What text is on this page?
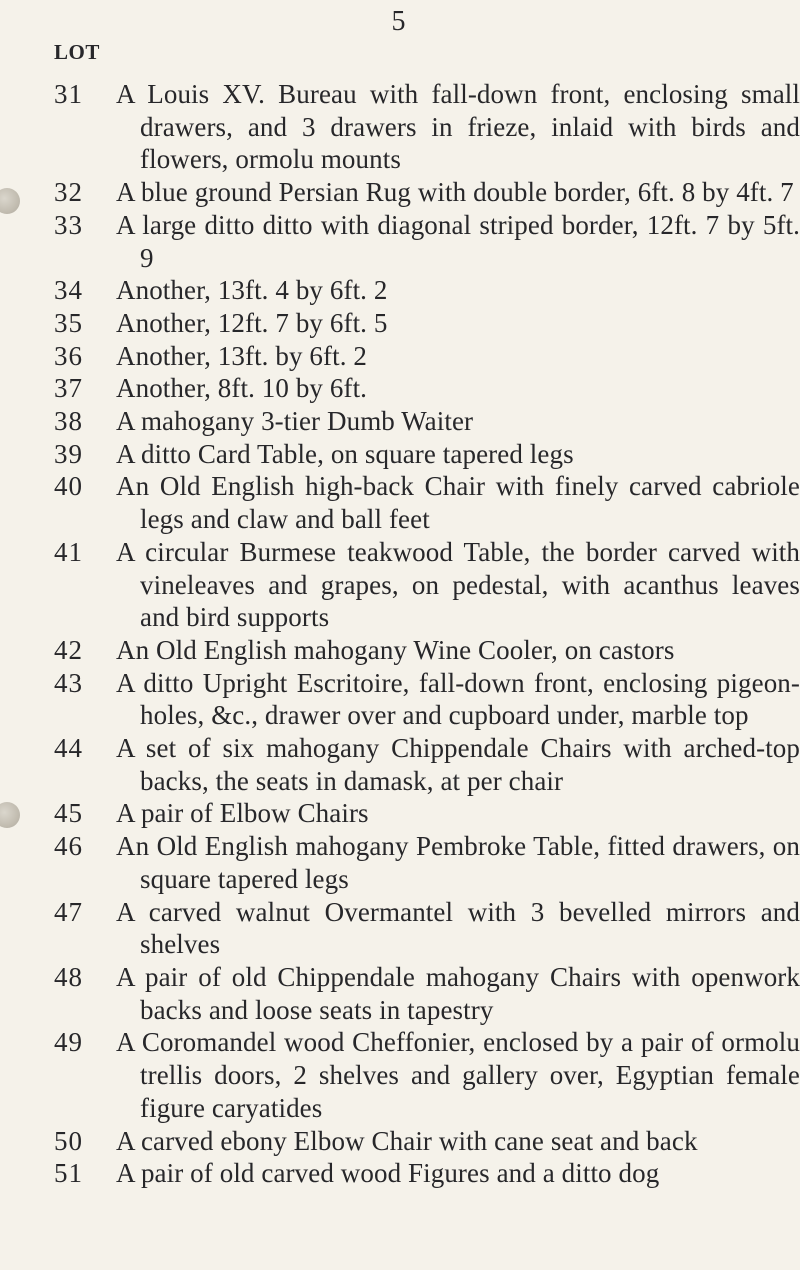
5
LOT
31	A Louis XV. Bureau with fall-down front, enclosing small drawers, and 3 drawers in frieze, inlaid with birds and flowers, ormolu mounts
32	A blue ground Persian Rug with double border, 6ft. 8 by 4ft. 7
33	A large ditto ditto with diagonal striped border, 12ft. 7 by 5ft. 9
34	Another, 13ft. 4 by 6ft. 2
35	Another, 12ft. 7 by 6ft. 5
36	Another, 13ft. by 6ft. 2
37	Another, 8ft. 10 by 6ft.
38	A mahogany 3-tier Dumb Waiter
39	A ditto Card Table, on square tapered legs
40	An Old English high-back Chair with finely carved cabriole legs and claw and ball feet
41	A circular Burmese teakwood Table, the border carved with vineleaves and grapes, on pedestal, with acanthus leaves and bird supports
42	An Old English mahogany Wine Cooler, on castors
43	A ditto Upright Escritoire, fall-down front, enclosing pigeon-holes, &c., drawer over and cupboard under, marble top
44	A set of six mahogany Chippendale Chairs with arched-top backs, the seats in damask, at per chair
45	A pair of Elbow Chairs
46	An Old English mahogany Pembroke Table, fitted drawers, on square tapered legs
47	A carved walnut Overmantel with 3 bevelled mirrors and shelves
48	A pair of old Chippendale mahogany Chairs with openwork backs and loose seats in tapestry
49	A Coromandel wood Cheffonier, enclosed by a pair of ormolu trellis doors, 2 shelves and gallery over, Egyptian female figure caryatides
50	A carved ebony Elbow Chair with cane seat and back
51	A pair of old carved wood Figures and a ditto dog
